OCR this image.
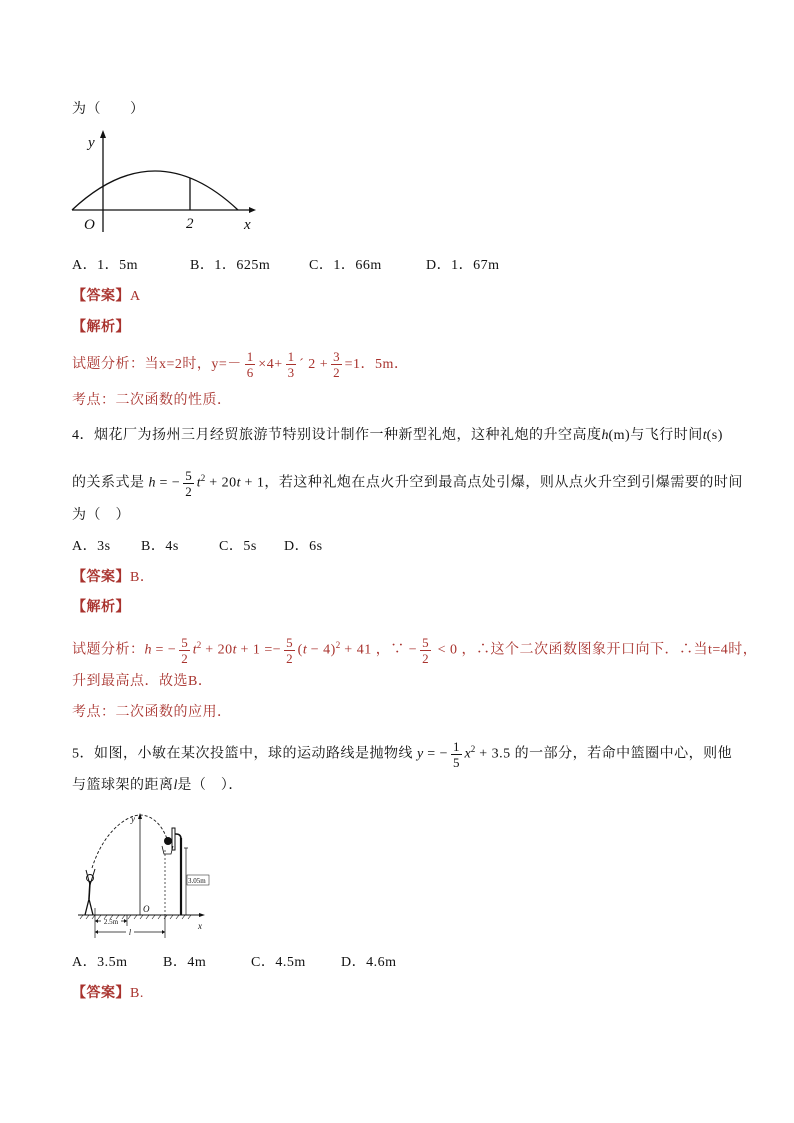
为（　　）
y
O	2	x
A．1．5m	B．1．625m	C．1．66m	D．1．67m
【答案】A
【解析】
试题分析：当x=2时，$y=- \frac{1}{6} \times 4+ \frac{1}{3}$ ´ $2 + \frac{3}{2} =1$．5m．
考点：二次函数的性质．
4．烟花厂为扬州三月经贸旅游节特别设计制作一种新型礼炮，这种礼炮的升空高度h(m)与飞行时间t(s)
的关系式是 h = − $\frac{5}{2} t^2 + 20t + 1$，若这种礼炮在点火升空到最高点处引爆，则从点火升空到引爆需要的时间
为（　）
A．3s B．4s	C．5s D．6s
【答案】B．
【解析】
试题分析：h = − $\frac{5}{2} t^2 + 20t + 1 =- \frac{5}{2} (t - 4)^2 + 41$ ，∵ − $\frac{5}{2} < 0$ ，∴这个二次函数图象开口向下．∴当t=4时，
升到最高点．故选B．
考点：二次函数的应用．
5．如图，小敏在某次投篮中，球的运动路线是抛物线 y = − $\frac{1}{5} x^2 + 3.5$ 的一部分，若命中篮圈中心，则他
与篮球架的距离l是（　）．
y
O
x
3.05m
2.5m
l
A．3.5m	B．4m	C．4.5m	D．4.6m
【答案】B.
